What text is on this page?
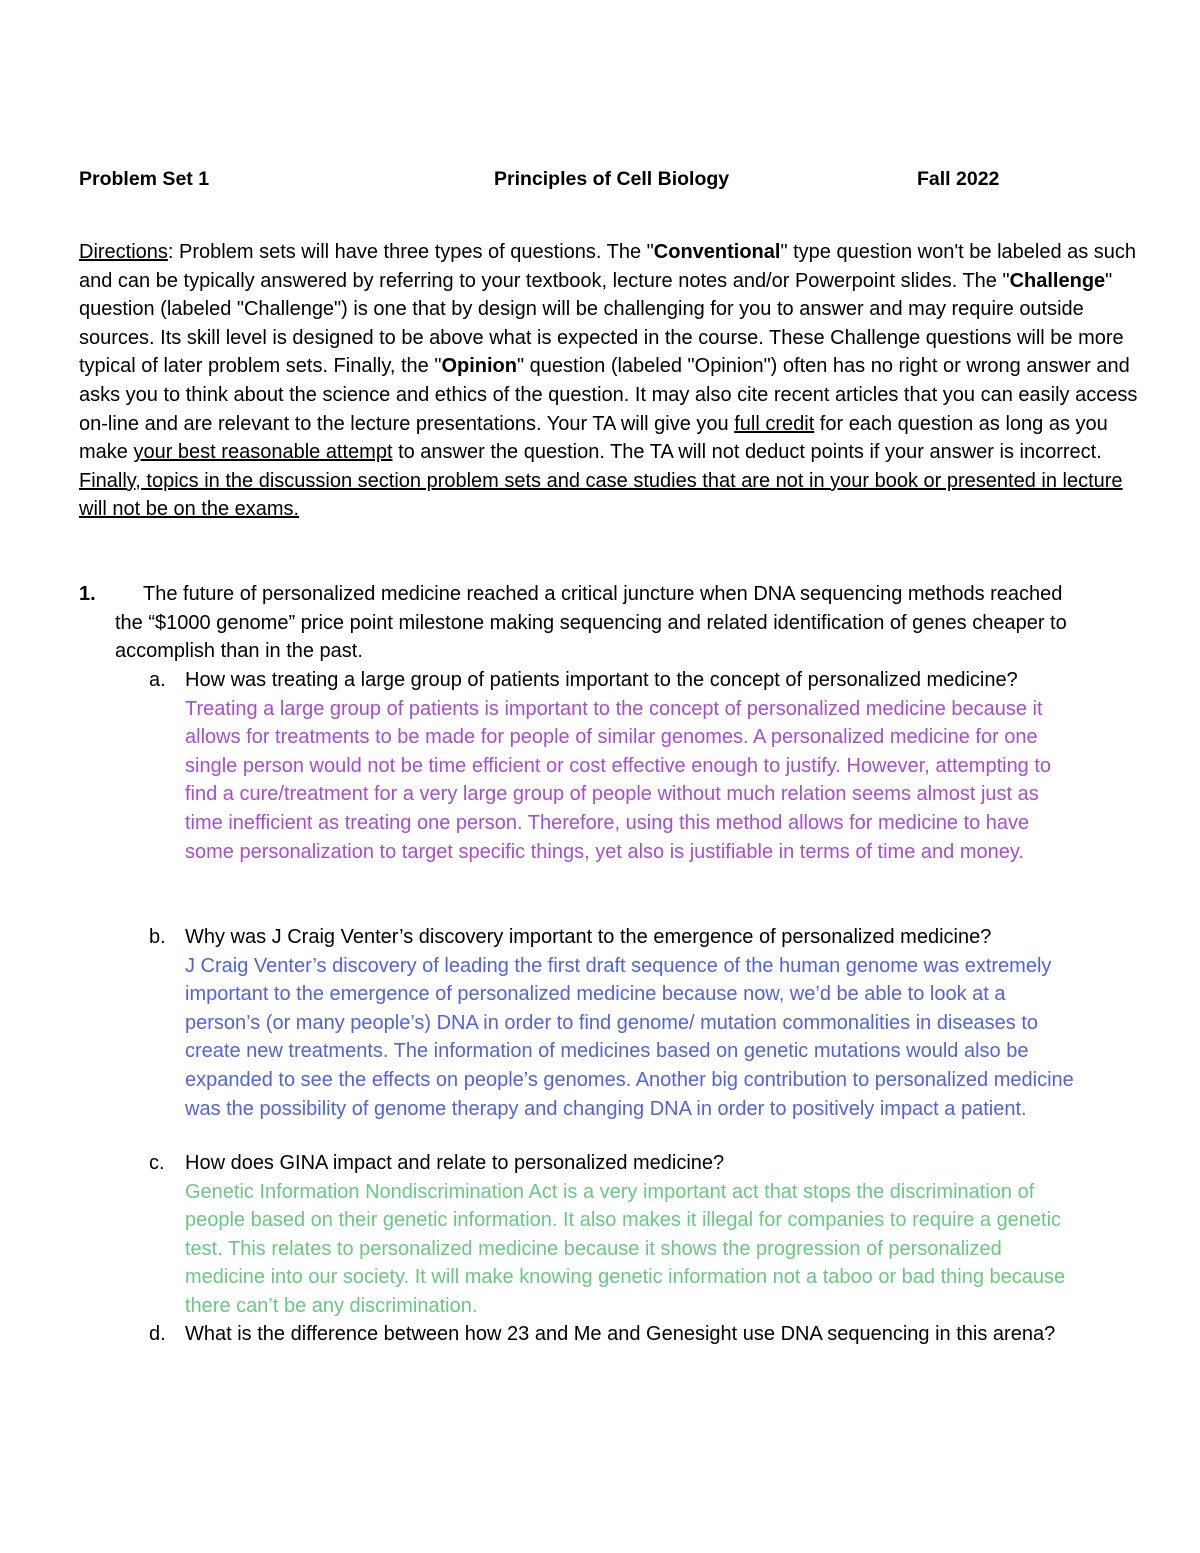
Problem Set 1	Principles of Cell Biology	Fall 2022
Directions: Problem sets will have three types of questions. The "Conventional" type question won't be labeled as such and can be typically answered by referring to your textbook, lecture notes and/or Powerpoint slides. The "Challenge" question (labeled "Challenge") is one that by design will be challenging for you to answer and may require outside sources. Its skill level is designed to be above what is expected in the course. These Challenge questions will be more typical of later problem sets. Finally, the "Opinion" question (labeled "Opinion") often has no right or wrong answer and asks you to think about the science and ethics of the question. It may also cite recent articles that you can easily access on-line and are relevant to the lecture presentations. Your TA will give you full credit for each question as long as you make your best reasonable attempt to answer the question. The TA will not deduct points if your answer is incorrect. Finally, topics in the discussion section problem sets and case studies that are not in your book or presented in lecture will not be on the exams.
1.	The future of personalized medicine reached a critical juncture when DNA sequencing methods reached the “$1000 genome” price point milestone making sequencing and related identification of genes cheaper to accomplish than in the past.
a. How was treating a large group of patients important to the concept of personalized medicine?
Treating a large group of patients is important to the concept of personalized medicine because it allows for treatments to be made for people of similar genomes. A personalized medicine for one single person would not be time efficient or cost effective enough to justify. However, attempting to find a cure/treatment for a very large group of people without much relation seems almost just as time inefficient as treating one person. Therefore, using this method allows for medicine to have some personalization to target specific things, yet also is justifiable in terms of time and money.
b. Why was J Craig Venter’s discovery important to the emergence of personalized medicine?
J Craig Venter’s discovery of leading the first draft sequence of the human genome was extremely important to the emergence of personalized medicine because now, we’d be able to look at a person’s (or many people’s) DNA in order to find genome/ mutation commonalities in diseases to create new treatments. The information of medicines based on genetic mutations would also be expanded to see the effects on people’s genomes. Another big contribution to personalized medicine was the possibility of genome therapy and changing DNA in order to positively impact a patient.
c. How does GINA impact and relate to personalized medicine?
Genetic Information Nondiscrimination Act is a very important act that stops the discrimination of people based on their genetic information. It also makes it illegal for companies to require a genetic test. This relates to personalized medicine because it shows the progression of personalized medicine into our society. It will make knowing genetic information not a taboo or bad thing because there can’t be any discrimination.
d. What is the difference between how 23 and Me and Genesight use DNA sequencing in this arena?
